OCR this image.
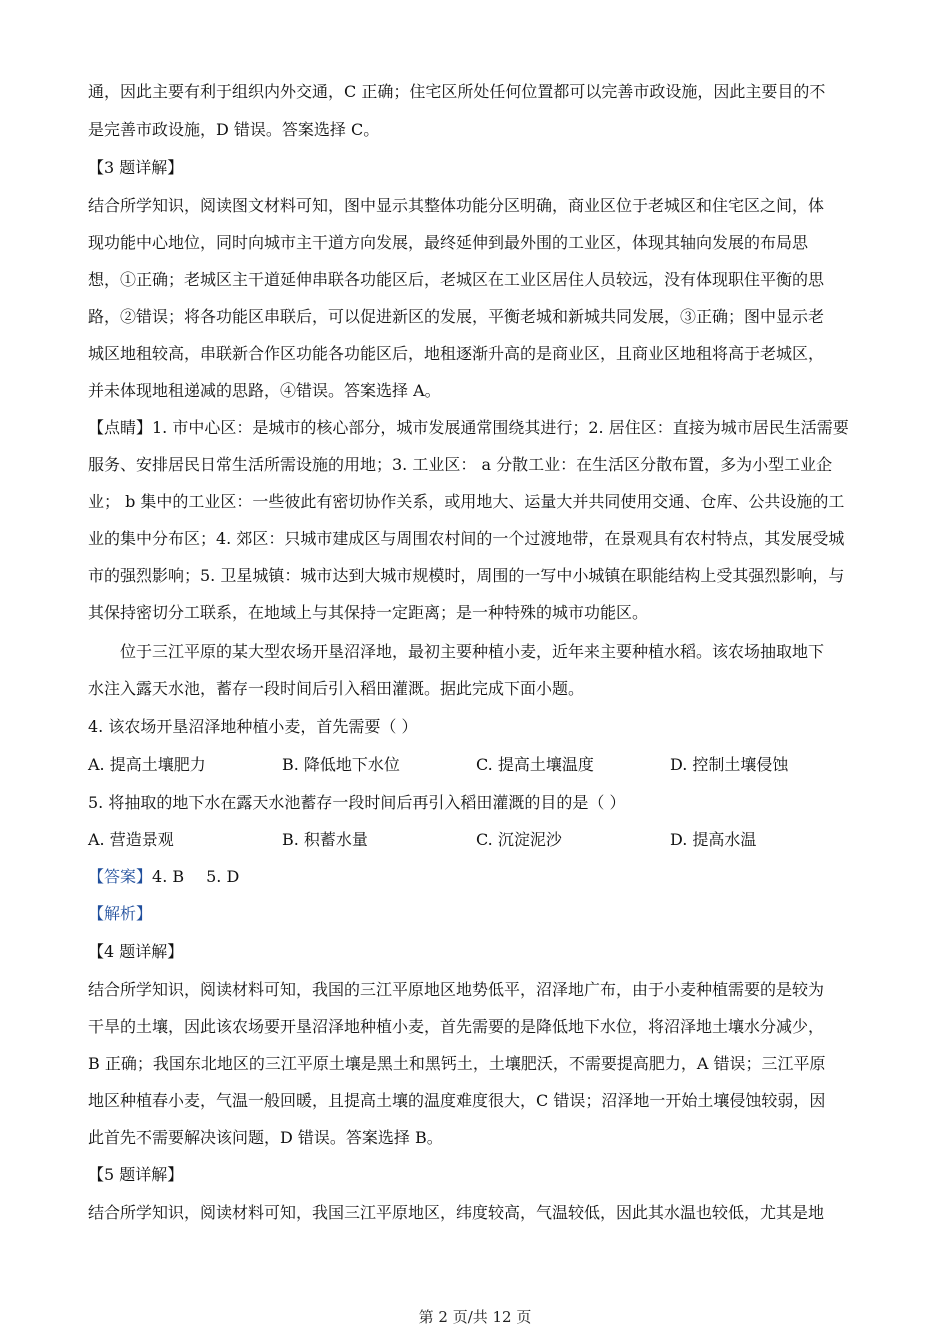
通，因此主要有利于组织内外交通，C 正确；住宅区所处任何位置都可以完善市政设施，因此主要目的不

是完善市政设施，D 错误。答案选择 C。

【3 题详解】

结合所学知识，阅读图文材料可知，图中显示其整体功能分区明确，商业区位于老城区和住宅区之间，体

现功能中心地位，同时向城市主干道方向发展，最终延伸到最外围的工业区，体现其轴向发展的布局思

想，①正确；老城区主干道延伸串联各功能区后，老城区在工业区居住人员较远，没有体现职住平衡的思

路，②错误；将各功能区串联后，可以促进新区的发展，平衡老城和新城共同发展，③正确；图中显示老

城区地租较高，串联新合作区功能各功能区后，地租逐渐升高的是商业区，且商业区地租将高于老城区，

并未体现地租递减的思路，④错误。答案选择 A。

【点睛】1. 市中心区：是城市的核心部分，城市发展通常围绕其进行；2. 居住区：直接为城市居民生活需要

服务、安排居民日常生活所需设施的用地；3. 工业区： a 分散工业：在生活区分散布置，多为小型工业企

业； b 集中的工业区：一些彼此有密切协作关系，或用地大、运量大并共同使用交通、仓库、公共设施的工

业的集中分布区；4. 郊区：只城市建成区与周围农村间的一个过渡地带，在景观具有农村特点，其发展受城

市的强烈影响；5. 卫星城镇：城市达到大城市规模时，周围的一写中小城镇在职能结构上受其强烈影响，与

其保持密切分工联系，在地域上与其保持一定距离；是一种特殊的城市功能区。

位于三江平原的某大型农场开垦沼泽地，最初主要种植小麦，近年来主要种植水稻。该农场抽取地下

水注入露天水池，蓄存一段时间后引入稻田灌溉。据此完成下面小题。

4. 该农场开垦沼泽地种植小麦，首先需要（ ）

A. 提高土壤肥力	B. 降低地下水位	C. 提高土壤温度	D. 控制土壤侵蚀

5. 将抽取的地下水在露天水池蓄存一段时间后再引入稻田灌溉的目的是（ ）

A. 营造景观	B. 积蓄水量	C. 沉淀泥沙	D. 提高水温
【答案】4. B 5. D

【解析】

【4 题详解】

结合所学知识，阅读材料可知，我国的三江平原地区地势低平，沼泽地广布，由于小麦种植需要的是较为

干旱的土壤，因此该农场要开垦沼泽地种植小麦，首先需要的是降低地下水位，将沼泽地土壤水分减少，

B 正确；我国东北地区的三江平原土壤是黑土和黑钙土，土壤肥沃，不需要提高肥力，A 错误；三江平原

地区种植春小麦，气温一般回暖，且提高土壤的温度难度很大，C 错误；沼泽地一开始土壤侵蚀较弱，因

此首先不需要解决该问题，D 错误。答案选择 B。

【5 题详解】

结合所学知识，阅读材料可知，我国三江平原地区，纬度较高，气温较低，因此其水温也较低，尤其是地

第 2 页/共 12 页
